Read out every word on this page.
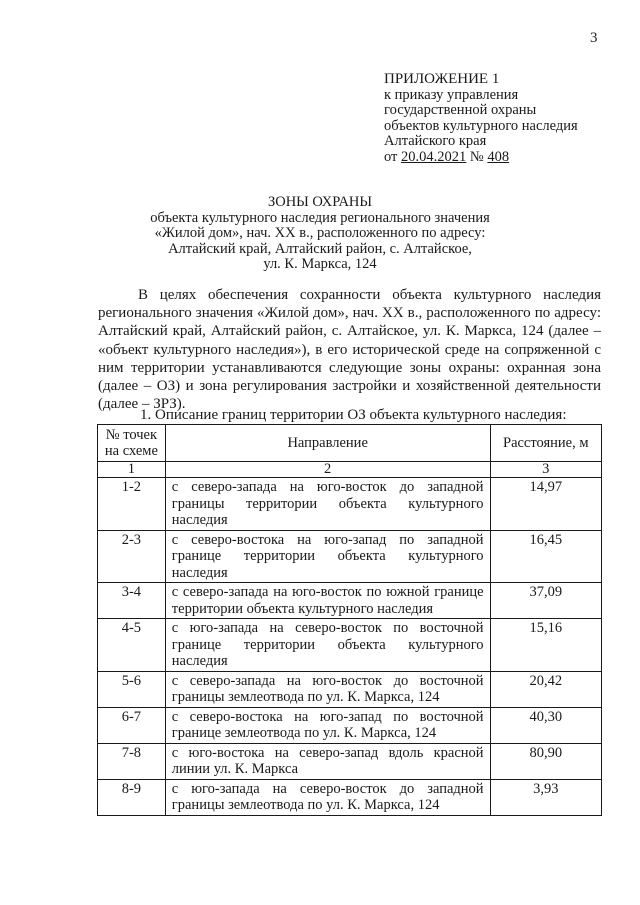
3
ПРИЛОЖЕНИЕ 1
к приказу управления
государственной охраны
объектов культурного наследия
Алтайского края
от 20.04.2021 № 408
ЗОНЫ ОХРАНЫ
объекта культурного наследия регионального значения
«Жилой дом», нач. XX в., расположенного по адресу:
Алтайский край, Алтайский район, с. Алтайское,
ул. К. Маркса, 124

В целях обеспечения сохранности объекта культурного наследия регионального значения «Жилой дом», нач. XX в., расположенного по адресу: Алтайский край, Алтайский район, с. Алтайское, ул. К. Маркса, 124 (далее – «объект культурного наследия»), в его исторической среде на сопряженной с ним территории устанавливаются следующие зоны охраны: охранная зона (далее – ОЗ) и зона регулирования застройки и хозяйственной деятельности (далее – ЗРЗ).

1. Описание границ территории ОЗ объекта культурного наследия:
№ точек
на схеме	Направление	Расстояние, м
1	2	3
1-2	с северо-запада на юго-восток до западной границы территории объекта культурного наследия	14,97
2-3	с северо-востока на юго-запад по западной границе территории объекта культурного наследия	16,45
3-4	с северо-запада на юго-восток по южной границе территории объекта культурного наследия	37,09
4-5	с юго-запада на северо-восток по восточной границе территории объекта культурного наследия	15,16
5-6	с северо-запада на юго-восток до восточной границы землеотвода по ул. К. Маркса, 124	20,42
6-7	с северо-востока на юго-запад по восточной границе землеотвода по ул. К. Маркса, 124	40,30
7-8	с юго-востока на северо-запад вдоль красной линии ул. К. Маркса	80,90
8-9	с юго-запада на северо-восток до западной границы землеотвода по ул. К. Маркса, 124	3,93
